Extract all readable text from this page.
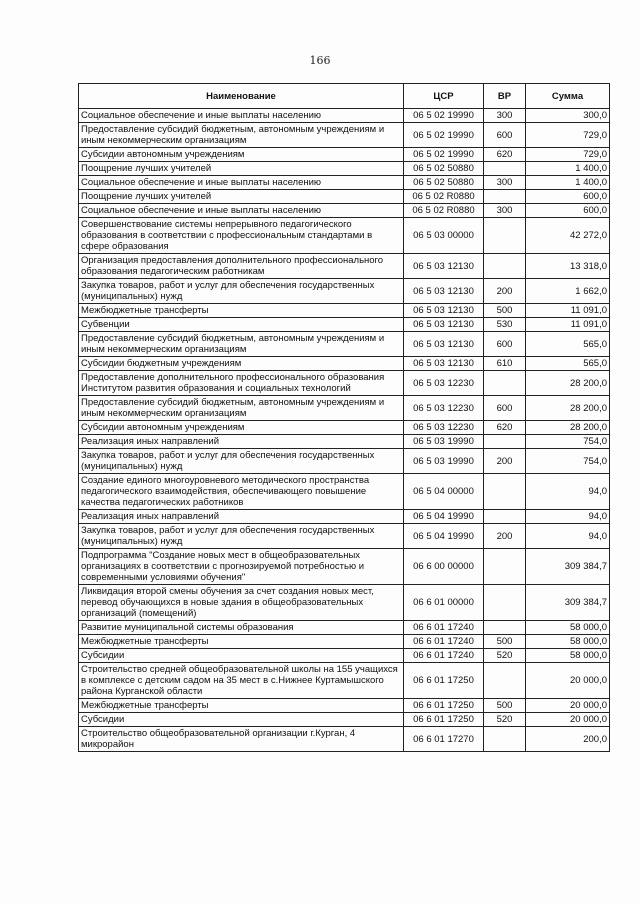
166
Наименование	ЦСР	ВР	Сумма
Социальное обеспечение и иные выплаты населению	06 5 02 19990	300	300,0
Предоставление субсидий бюджетным, автономным учреждениям и иным некоммерческим организациям	06 5 02 19990	600	729,0
Субсидии автономным учреждениям	06 5 02 19990	620	729,0
Поощрение лучших учителей	06 5 02 50880		1 400,0
Социальное обеспечение и иные выплаты населению	06 5 02 50880	300	1 400,0
Поощрение лучших учителей	06 5 02 R0880		600,0
Социальное обеспечение и иные выплаты населению	06 5 02 R0880	300	600,0
Совершенствование системы непрерывного педагогического образования в соответствии с профессиональным стандартами в сфере образования	06 5 03 00000		42 272,0
Организация предоставления дополнительного профессионального образования педагогическим работникам	06 5 03 12130		13 318,0
Закупка товаров, работ и услуг для обеспечения государственных (муниципальных) нужд	06 5 03 12130	200	1 662,0
Межбюджетные трансферты	06 5 03 12130	500	11 091,0
Субвенции	06 5 03 12130	530	11 091,0
Предоставление субсидий бюджетным, автономным учреждениям и иным некоммерческим организациям	06 5 03 12130	600	565,0
Субсидии бюджетным учреждениям	06 5 03 12130	610	565,0
Предоставление дополнительного профессионального образования Институтом развития образования и социальных технологий	06 5 03 12230		28 200,0
Предоставление субсидий бюджетным, автономным учреждениям и иным некоммерческим организациям	06 5 03 12230	600	28 200,0
Субсидии автономным учреждениям	06 5 03 12230	620	28 200,0
Реализация иных направлений	06 5 03 19990		754,0
Закупка товаров, работ и услуг для обеспечения государственных (муниципальных) нужд	06 5 03 19990	200	754,0
Создание единого многоуровневого методического пространства педагогического взаимодействия, обеспечивающего повышение качества педагогических работников	06 5 04 00000		94,0
Реализация иных направлений	06 5 04 19990		94,0
Закупка товаров, работ и услуг для обеспечения государственных (муниципальных) нужд	06 5 04 19990	200	94,0
Подпрограмма "Создание новых мест в общеобразовательных организациях в соответствии с прогнозируемой потребностью и современными условиями обучения"	06 6 00 00000		309 384,7
Ликвидация второй смены обучения за счет создания новых мест, перевод обучающихся в новые здания в общеобразовательных организаций (помещений)	06 6 01 00000		309 384,7
Развитие муниципальной системы образования	06 6 01 17240		58 000,0
Межбюджетные трансферты	06 6 01 17240	500	58 000,0
Субсидии	06 6 01 17240	520	58 000,0
Строительство средней общеобразовательной школы на 155 учащихся в комплексе с детским садом на 35 мест в с.Нижнее Куртамышского района Курганской области	06 6 01 17250		20 000,0
Межбюджетные трансферты	06 6 01 17250	500	20 000,0
Субсидии	06 6 01 17250	520	20 000,0
Строительство общеобразовательной организации г.Курган, 4 микрорайон	06 6 01 17270		200,0
